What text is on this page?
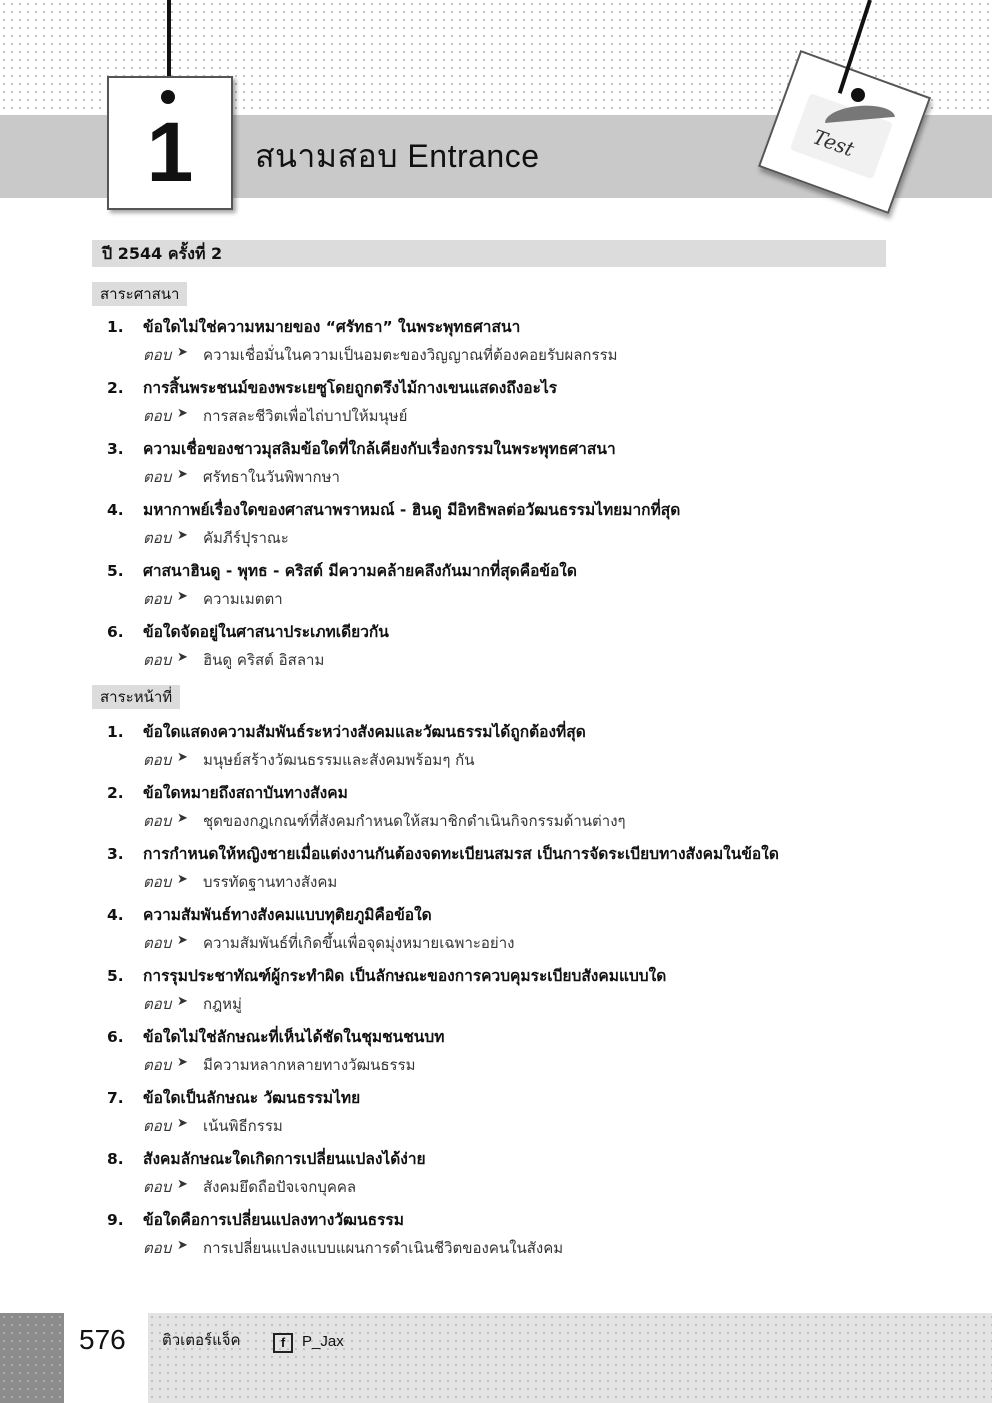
1	สนามสอบ Entrance	Test
ปี 2544 ครั้งที่ 2
สาระศาสนา
1.	ข้อใดไม่ใช่ความหมายของ “ศรัทธา” ในพระพุทธศาสนา
ตอบ ➤	ความเชื่อมั่นในความเป็นอมตะของวิญญาณที่ต้องคอยรับผลกรรม
2.	การสิ้นพระชนม์ของพระเยซูโดยถูกตรึงไม้กางเขนแสดงถึงอะไร
ตอบ ➤	การสละชีวิตเพื่อไถ่บาปให้มนุษย์
3.	ความเชื่อของชาวมุสลิมข้อใดที่ใกล้เคียงกับเรื่องกรรมในพระพุทธศาสนา
ตอบ ➤	ศรัทธาในวันพิพากษา
4.	มหากาพย์เรื่องใดของศาสนาพราหมณ์ - ฮินดู มีอิทธิพลต่อวัฒนธรรมไทยมากที่สุด
ตอบ ➤	คัมภีร์ปุราณะ
5.	ศาสนาฮินดู - พุทธ - คริสต์ มีความคล้ายคลึงกันมากที่สุดคือข้อใด
ตอบ ➤	ความเมตตา
6.	ข้อใดจัดอยู่ในศาสนาประเภทเดียวกัน
ตอบ ➤	ฮินดู คริสต์ อิสลาม
สาระหน้าที่
1.	ข้อใดแสดงความสัมพันธ์ระหว่างสังคมและวัฒนธรรมได้ถูกต้องที่สุด
ตอบ ➤	มนุษย์สร้างวัฒนธรรมและสังคมพร้อมๆ กัน
2.	ข้อใดหมายถึงสถาบันทางสังคม
ตอบ ➤	ชุดของกฎเกณฑ์ที่สังคมกำหนดให้สมาชิกดำเนินกิจกรรมด้านต่างๆ
3.	การกำหนดให้หญิงชายเมื่อแต่งงานกันต้องจดทะเบียนสมรส เป็นการจัดระเบียบทางสังคมในข้อใด
ตอบ ➤	บรรทัดฐานทางสังคม
4.	ความสัมพันธ์ทางสังคมแบบทุติยภูมิคือข้อใด
ตอบ ➤	ความสัมพันธ์ที่เกิดขึ้นเพื่อจุดมุ่งหมายเฉพาะอย่าง
5.	การรุมประชาทัณฑ์ผู้กระทำผิด เป็นลักษณะของการควบคุมระเบียบสังคมแบบใด
ตอบ ➤	กฎหมู่
6.	ข้อใดไม่ใช่ลักษณะที่เห็นได้ชัดในชุมชนชนบท
ตอบ ➤	มีความหลากหลายทางวัฒนธรรม
7.	ข้อใดเป็นลักษณะ วัฒนธรรมไทย
ตอบ ➤	เน้นพิธีกรรม
8.	สังคมลักษณะใดเกิดการเปลี่ยนแปลงได้ง่าย
ตอบ ➤	สังคมยึดถือปัจเจกบุคคล
9.	ข้อใดคือการเปลี่ยนแปลงทางวัฒนธรรม
ตอบ ➤	การเปลี่ยนแปลงแบบแผนการดำเนินชีวิตของคนในสังคม
576 ติวเตอร์แจ็ค	f	P_Jax
